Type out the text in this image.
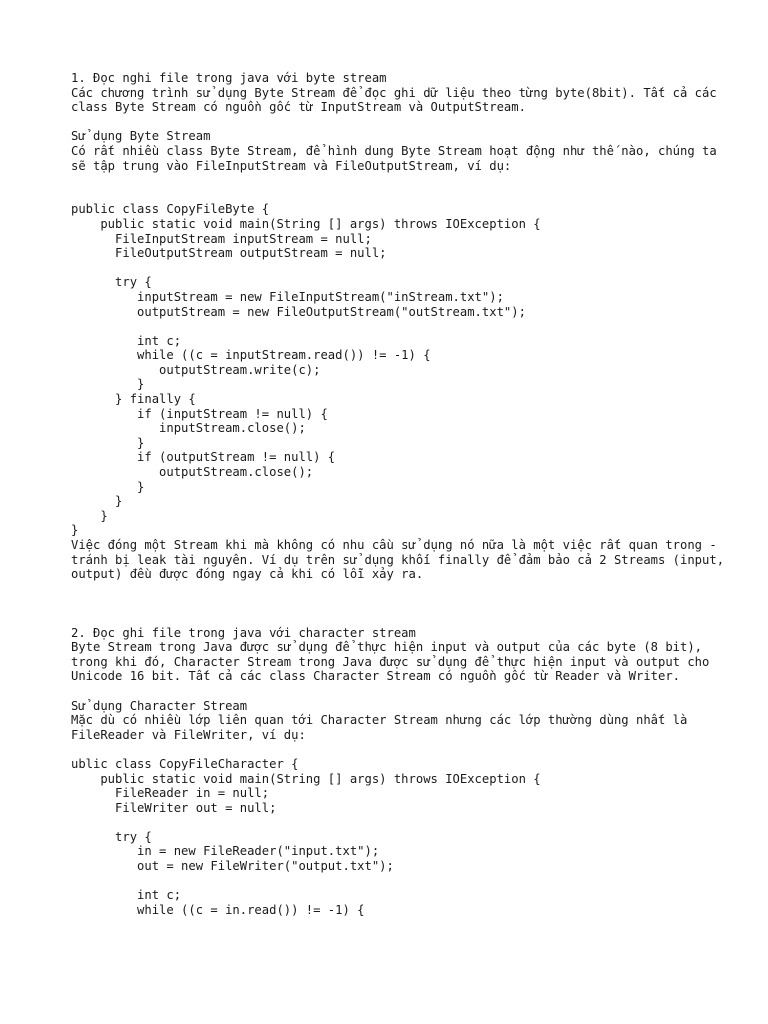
1. Đọc nghi file trong java với byte stream

Các chương trình sử dụng Byte Stream để đọc ghi dữ liệu theo từng byte(8bit). Tất cả các class Byte Stream có nguồn gốc từ InputStream và OutputStream.

Sử dụng Byte Stream

Có rất nhiều class Byte Stream, để hình dung Byte Stream hoạt động như thế nào, chúng ta sẽ tập trung vào FileInputStream và FileOutputStream, ví dụ:

public class CopyFileByte {
public static void main(String [] args) throws IOException {
FileInputStream inputStream = null;
FileOutputStream outputStream = null;

try {
inputStream = new FileInputStream("inStream.txt");
outputStream = new FileOutputStream("outStream.txt");

int c;
while ((c = inputStream.read()) != -1) {
outputStream.write(c);
}
} finally {
if (inputStream != null) {
inputStream.close();
}
if (outputStream != null) {
outputStream.close();
}
}
}
}

Việc đóng một Stream khi mà không có nhu cầu sử dụng nó nữa là một việc rất quan trong - tránh bị leak tài nguyên. Ví dụ trên sử dụng khối finally để đảm bảo cả 2 Streams (input, output) đều được đóng ngay cả khi có lỗi xảy ra.

2. Đọc ghi file trong java với character stream

Byte Stream trong Java được sử dụng để thực hiện input và output của các byte (8 bit), trong khi đó, Character Stream trong Java được sử dụng để thực hiện input và output cho Unicode 16 bit. Tất cả các class Character Stream có nguồn gốc từ Reader và Writer.

Sử dụng Character Stream

Mặc dù có nhiều lớp liên quan tới Character Stream nhưng các lớp thường dùng nhất là FileReader và FileWriter, ví dụ:

ublic class CopyFileCharacter {
public static void main(String [] args) throws IOException {
FileReader in = null;
FileWriter out = null;

try {
in = new FileReader("input.txt");
out = new FileWriter("output.txt");

int c;
while ((c = in.read()) != -1) {
